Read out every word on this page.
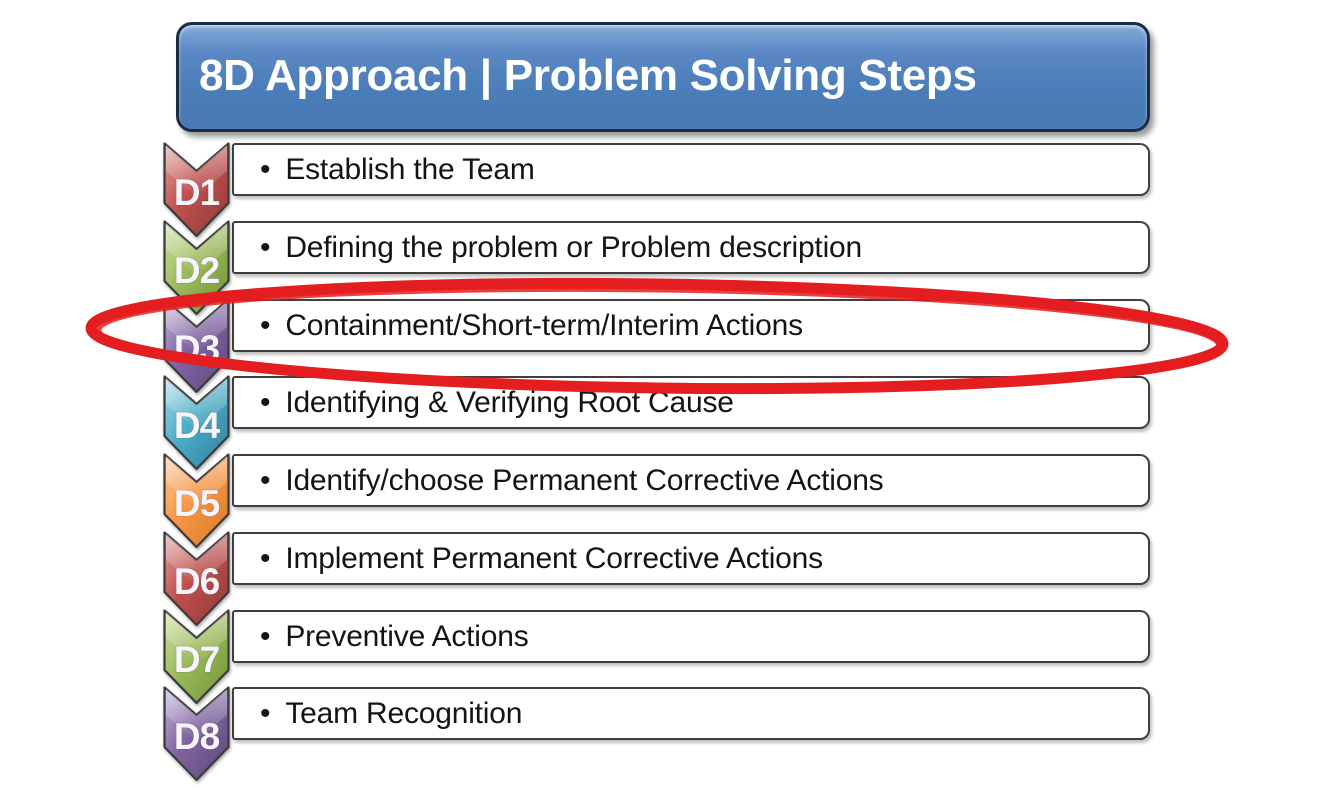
8D Approach | Problem Solving Steps
D1
• Establish the Team
D2
• Defining the problem or Problem description
D3
• Containment/Short-term/Interim Actions
D4
• Identifying & Verifying Root Cause
D5
• Identify/choose Permanent Corrective Actions
D6
• Implement Permanent Corrective Actions
D7
• Preventive Actions
D8
• Team Recognition
